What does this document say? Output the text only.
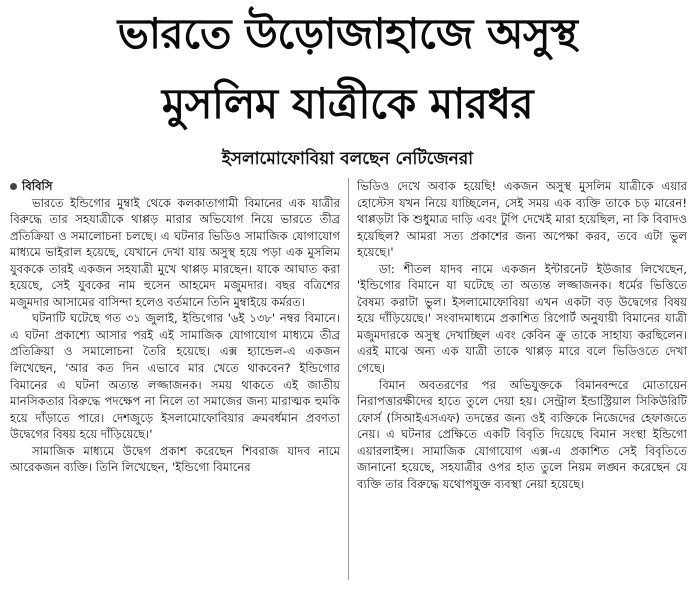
ভারতে উড়োজাহাজে অসুস্থ
মুসলিম যাত্রীকে মারধর
ইসলামোফোবিয়া বলছেন নেটিজেনরা
বিবিসি

ভারতে ইন্ডিগোর মুম্বাই থেকে কলকাতাগামী বিমানের এক যাত্রীর বিরুদ্ধে তার সহযাত্রীকে থাপ্পড় মারার অভিযোগ নিয়ে ভারতে তীব্র প্রতিক্রিয়া ও সমালোচনা চলছে। এ ঘটনার ভিডিও সামাজিক যোগাযোগ মাধ্যমে ভাইরাল হয়েছে, যেখানে দেখা যায় অসুস্থ হয়ে পড়া এক মুসলিম যুবককে তারই একজন সহযাত্রী মুখে থাপ্পড় মারছেন। যাকে আঘাত করা হয়েছে, সেই যুবকের নাম হুসেন আহমেদ মজুমদার। বছর বত্রিশের মজুমদার আসামের বাসিন্দা হলেও বর্তমানে তিনি মুম্বাইয়ে কর্মরত।

ঘটনাটি ঘটেছে গত ৩১ জুলাই, ইন্ডিগোর '৬ই ১৩৮' নম্বর বিমানে। এ ঘটনা প্রকাশ্যে আসার পরই এই সামাজিক যোগাযোগ মাধ্যমে তীব্র প্রতিক্রিয়া ও সমালোচনা তৈরি হয়েছে। এক্স হ্যান্ডেল-এ একজন লিখেছেন, 'আর কত দিন এভাবে মার খেতে থাকবেন? ইন্ডিগোর বিমানের এ ঘটনা অত্যন্ত লজ্জাজনক। সময় থাকতে এই জাতীয় মানসিকতার বিরুদ্ধে পদক্ষেপ না নিলে তা সমাজের জন্য মারাত্মক হুমকি হয়ে দাঁড়াতে পারে। দেশজুড়ে ইসলামোফোবিয়ার ক্রমবর্ধমান প্রবণতা উদ্বেগের বিষয় হয়ে দাঁড়িয়েছে।'

সামাজিক মাধ্যমে উদ্বেগ প্রকাশ করেছেন শিবরাজ যাদব নামে আরেকজন ব্যক্তি। তিনি লিখেছেন, 'ইন্ডিগো বিমানের

ভিডিও দেখে অবাক হয়েছি! একজন অসুস্থ মুসলিম যাত্রীকে এয়ার হোস্টেস যখন নিয়ে যাচ্ছিলেন, সেই সময় এক ব্যক্তি তাকে চড় মারেন! থাপ্পড়টা কি শুধুমাত্র দাড়ি এবং টুপি দেখেই মারা হয়েছিল, না কি বিবাদও হয়েছিল? আমরা সত্য প্রকাশের জন্য অপেক্ষা করব, তবে এটা ভুল হয়েছে।'

ডা: শীতল যাদব নামে একজন ইন্টারনেট ইউজার লিখেছেন, 'ইন্ডিগোর বিমানে যা ঘটেছে তা অত্যন্ত লজ্জাজনক। ধর্মের ভিত্তিতে বৈষম্য করাটা ভুল। ইসলামোফোবিয়া এখন একটা বড় উদ্বেগের বিষয় হয়ে দাঁড়িয়েছে।' সংবাদমাধ্যমে প্রকাশিত রিপোর্ট অনুযায়ী বিমানের যাত্রী মজুমদারকে অসুস্থ দেখাচ্ছিল এবং কেবিন ক্রু তাকে সাহায্য করছিলেন। এরই মাঝে অন্য এক যাত্রী তাকে থাপ্পড় মারে বলে ভিডিওতে দেখা গেছে।

বিমান অবতরণের পর অভিযুক্তকে বিমানবন্দরে মোতায়েন নিরাপত্তারক্ষীদের হাতে তুলে দেয়া হয়। সেন্ট্রাল ইন্ডাস্ট্রিয়াল সিকিউরিটি ফোর্স (সিআইএসএফ) তদন্তের জন্য ওই ব্যক্তিকে নিজেদের হেফাজতে নেয়। এ ঘটনার প্রেক্ষিতে একটি বিবৃতি দিয়েছে বিমান সংস্থা ইন্ডিগো এয়ারলাইন্স। সামাজিক যোগাযোগ এক্স-এ প্রকাশিত সেই বিবৃতিতে জানানো হয়েছে, সহযাত্রীর ওপর হাত তুলে নিয়ম লঙ্ঘন করেছেন যে ব্যক্তি তার বিরুদ্ধে যথোপযুক্ত ব্যবস্থা নেয়া হয়েছে।
